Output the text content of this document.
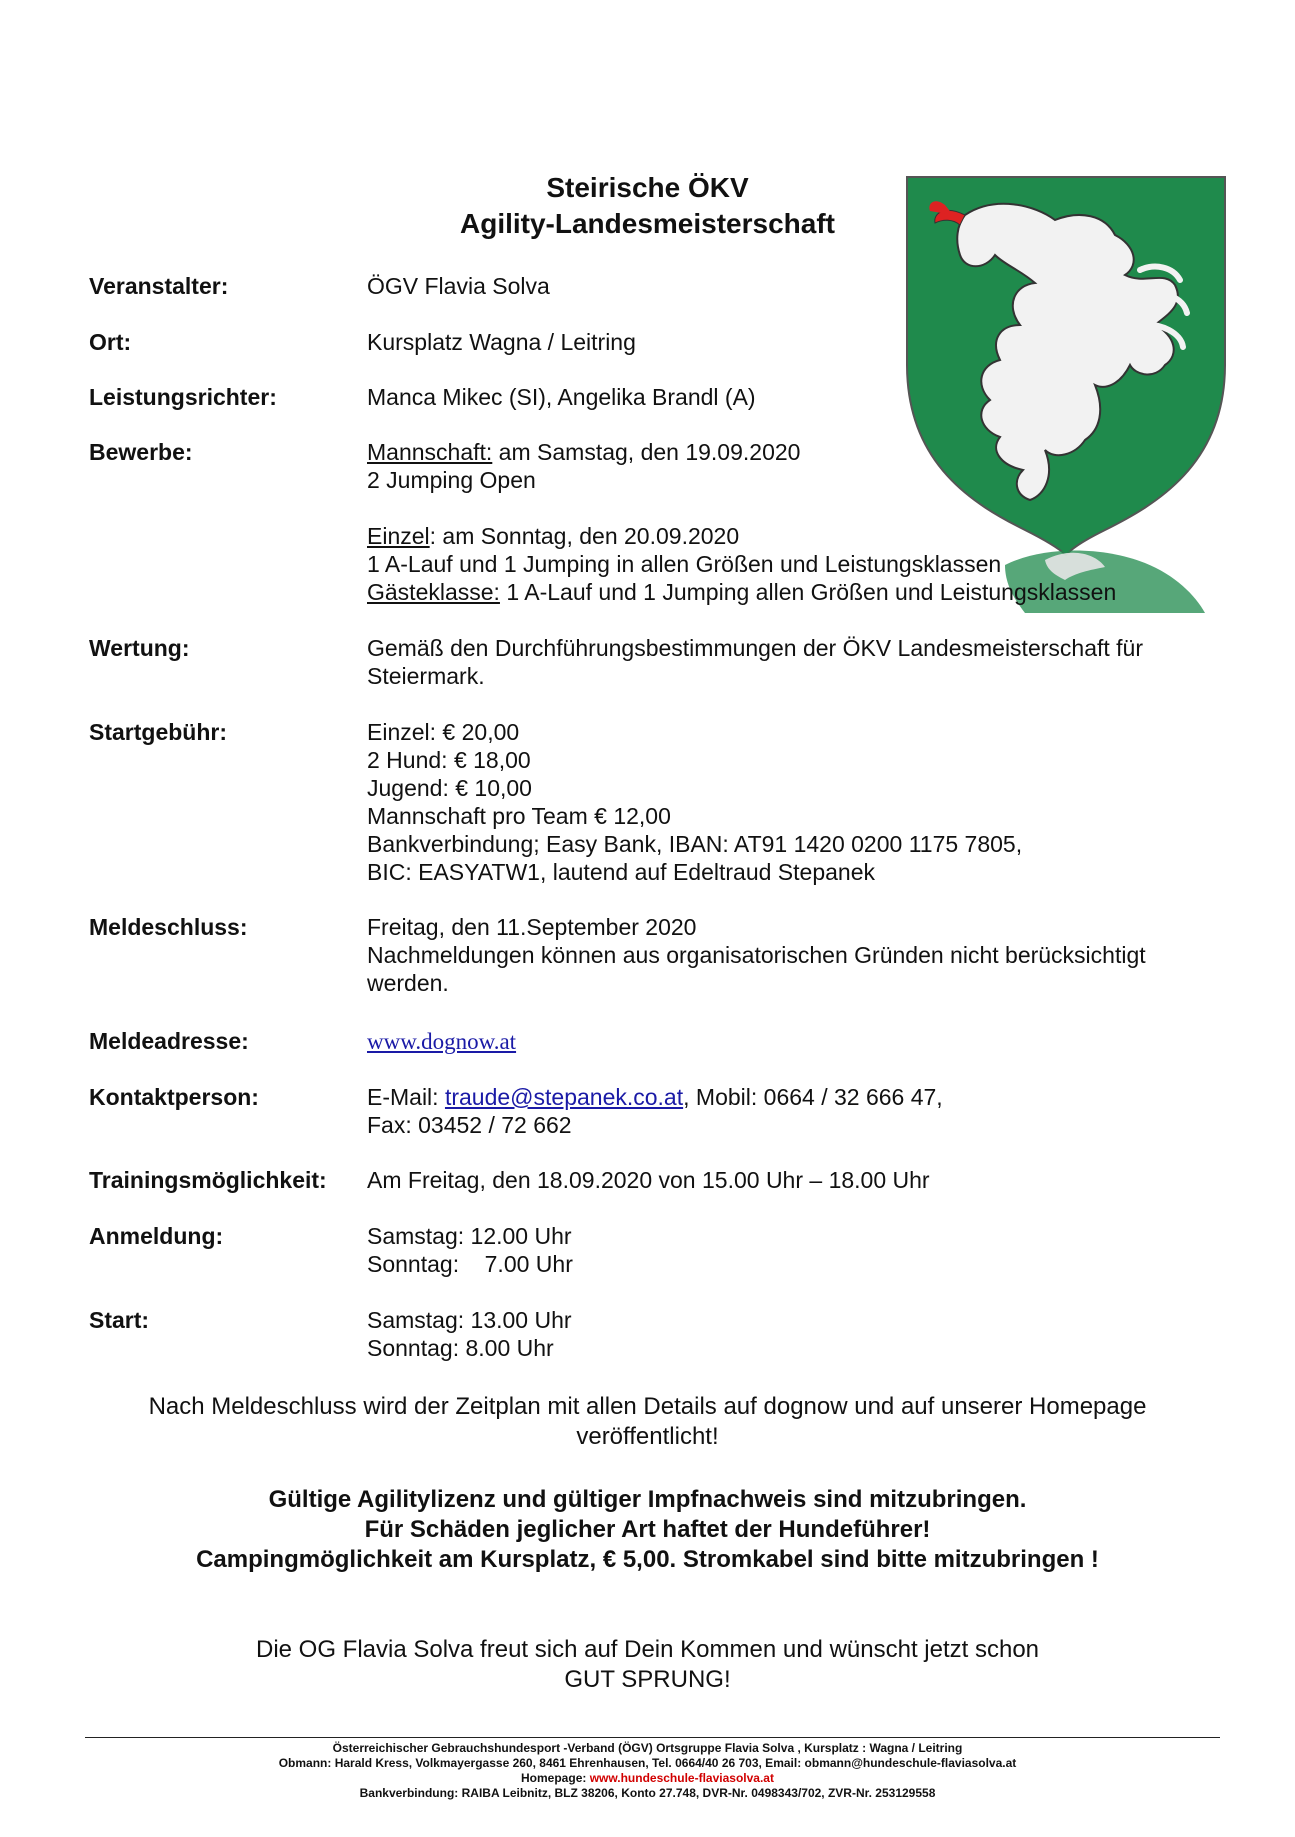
Steirische ÖKV
Agility-Landesmeisterschaft
Veranstalter:	ÖGV Flavia Solva
Ort:	Kursplatz Wagna / Leitring
Leistungsrichter:	Manca Mikec (SI), Angelika Brandl (A)
Bewerbe:	Mannschaft: am Samstag, den 19.09.2020
2 Jumping Open
Einzel: am Sonntag, den 20.09.2020
1 A-Lauf und 1 Jumping in allen Größen und Leistungsklassen
Gästeklasse: 1 A-Lauf und 1 Jumping allen Größen und Leistungsklassen
Wertung:	Gemäß den Durchführungsbestimmungen der ÖKV Landesmeisterschaft für
Steiermark.
Startgebühr:	Einzel: € 20,00
2 Hund: € 18,00
Jugend: € 10,00
Mannschaft pro Team € 12,00
Bankverbindung; Easy Bank, IBAN: AT91 1420 0200 1175 7805,
BIC: EASYATW1, lautend auf Edeltraud Stepanek
Meldeschluss:	Freitag, den 11.September 2020
Nachmeldungen können aus organisatorischen Gründen nicht berücksichtigt
werden.
Meldeadresse:	www.dognow.at
Kontaktperson:	E-Mail: traude@stepanek.co.at, Mobil: 0664 / 32 666 47,
Fax: 03452 / 72 662
Trainingsmöglichkeit: Am Freitag, den 18.09.2020 von 15.00 Uhr – 18.00 Uhr
Anmeldung:	Samstag: 12.00 Uhr
Sonntag:    7.00 Uhr
Start:	Samstag: 13.00 Uhr
Sonntag: 8.00 Uhr
Nach Meldeschluss wird der Zeitplan mit allen Details auf dognow und auf unserer Homepage
veröffentlicht!
Gültige Agilitylizenz und gültiger Impfnachweis sind mitzubringen.
Für Schäden jeglicher Art haftet der Hundeführer!
Campingmöglichkeit am Kursplatz, € 5,00. Stromkabel sind bitte mitzubringen !
Die OG Flavia Solva freut sich auf Dein Kommen und wünscht jetzt schon
GUT SPRUNG!
Österreichischer Gebrauchshundesport -Verband (ÖGV) Ortsgruppe Flavia Solva , Kursplatz : Wagna / Leitring
Obmann: Harald Kress, Volkmayergasse 260, 8461 Ehrenhausen, Tel. 0664/40 26 703, Email: obmann@hundeschule-flaviasolva.at
Homepage: www.hundeschule-flaviasolva.at
Bankverbindung: RAIBA Leibnitz, BLZ 38206, Konto 27.748, DVR-Nr. 0498343/702, ZVR-Nr. 253129558
